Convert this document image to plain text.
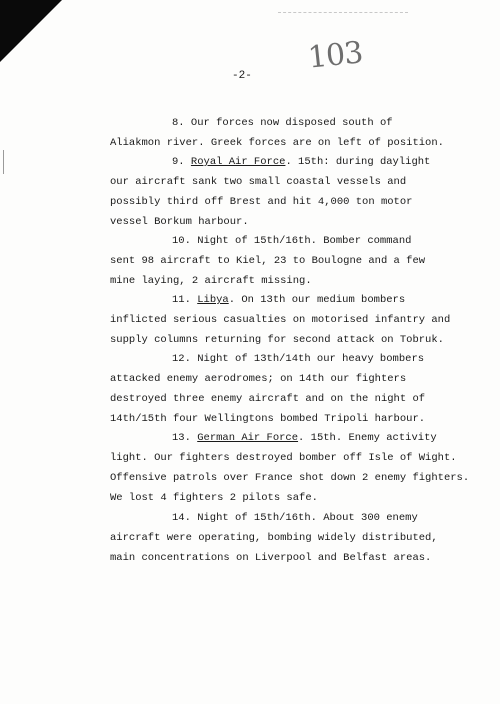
103
-2-
8. Our forces now disposed south of
Aliakmon river. Greek forces are on left of position.
9. Royal Air Force. 15th: during daylight
our aircraft sank two small coastal vessels and
possibly third off Brest and hit 4,000 ton motor
vessel Borkum harbour.
10. Night of 15th/16th. Bomber command
sent 98 aircraft to Kiel, 23 to Boulogne and a few
mine laying, 2 aircraft missing.
11. Libya. On 13th our medium bombers
inflicted serious casualties on motorised infantry and
supply columns returning for second attack on Tobruk.
12. Night of 13th/14th our heavy bombers
attacked enemy aerodromes; on 14th our fighters
destroyed three enemy aircraft and on the night of
14th/15th four Wellingtons bombed Tripoli harbour.
13. German Air Force. 15th. Enemy activity
light. Our fighters destroyed bomber off Isle of Wight.
Offensive patrols over France shot down 2 enemy fighters.
We lost 4 fighters 2 pilots safe.
14. Night of 15th/16th. About 300 enemy
aircraft were operating, bombing widely distributed,
main concentrations on Liverpool and Belfast areas.
